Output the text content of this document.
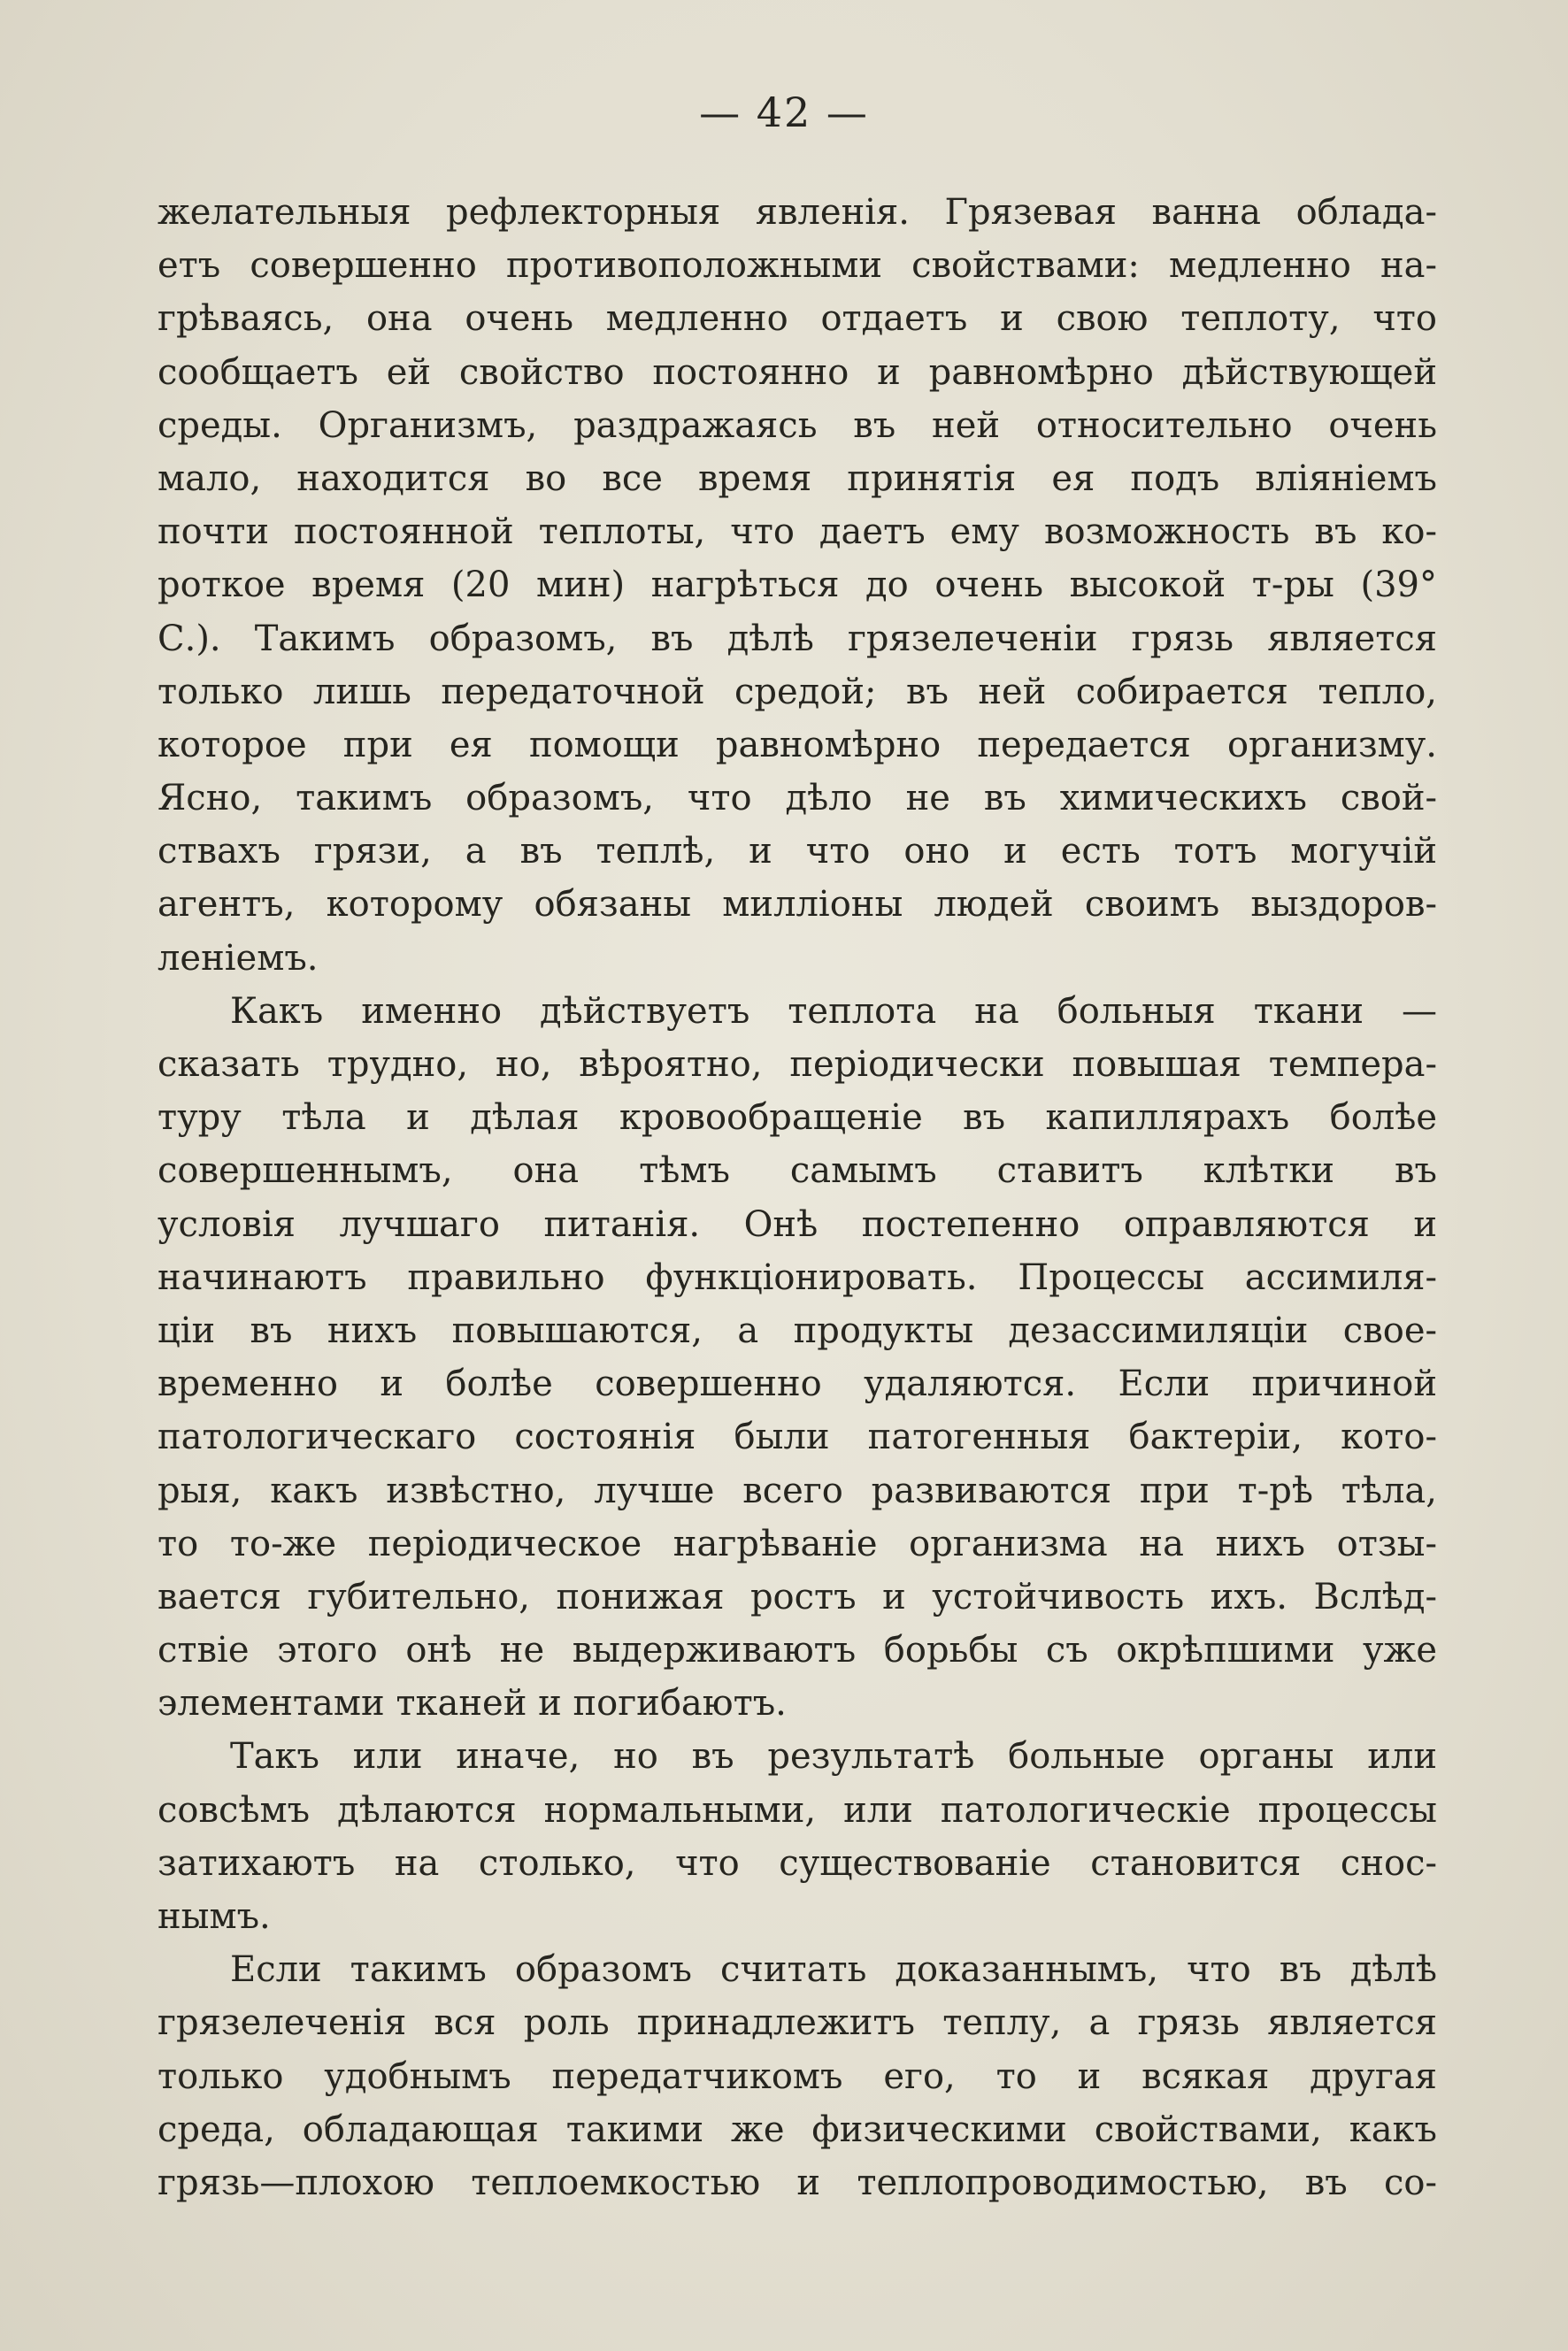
— 42 —
желательныя рефлекторныя явленія. Грязевая ванна облада-
етъ совершенно противоположными свойствами: медленно на-
грѣваясь, она очень медленно отдаетъ и свою теплоту, что
сообщаетъ ей свойство постоянно и равномѣрно дѣйствующей
среды. Организмъ, раздражаясь въ ней относительно очень
мало, находится во все время принятія ея подъ вліяніемъ
почти постоянной теплоты, что даетъ ему возможность въ ко-
роткое время (20 мин) нагрѣться до очень высокой т-ры (39°
С.). Такимъ образомъ, въ дѣлѣ грязелеченіи грязь является
только лишь передаточной средой; въ ней собирается тепло,
которое при ея помощи равномѣрно передается организму.
Ясно, такимъ образомъ, что дѣло не въ химическихъ свой-
ствахъ грязи, а въ теплѣ, и что оно и есть тотъ могучій
агентъ, которому обязаны милліоны людей своимъ выздоров-
леніемъ.
Какъ именно дѣйствуетъ теплота на больныя ткани —
сказать трудно, но, вѣроятно, періодически повышая темпера-
туру тѣла и дѣлая кровообращеніе въ капиллярахъ болѣе
совершеннымъ, она тѣмъ самымъ ставитъ клѣтки въ
условія лучшаго питанія. Онѣ постепенно оправляются и
начинаютъ правильно функціонировать. Процессы ассимиля-
ціи въ нихъ повышаются, а продукты дезассимиляціи свое-
временно и болѣе совершенно удаляются. Если причиной
патологическаго состоянія были патогенныя бактеріи, кото-
рыя, какъ извѣстно, лучше всего развиваются при т-рѣ тѣла,
то то-же періодическое нагрѣваніе организма на нихъ отзы-
вается губительно, понижая ростъ и устойчивость ихъ. Вслѣд-
ствіе этого онѣ не выдерживаютъ борьбы съ окрѣпшими уже
элементами тканей и погибаютъ.
Такъ или иначе, но въ результатѣ больные органы или
совсѣмъ дѣлаются нормальными, или патологическіе процессы
затихаютъ на столько, что существованіе становится снос-
нымъ.
Если такимъ образомъ считать доказаннымъ, что въ дѣлѣ
грязелеченія вся роль принадлежитъ теплу, а грязь является
только удобнымъ передатчикомъ его, то и всякая другая
среда, обладающая такими же физическими свойствами, какъ
грязь—плохою теплоемкостью и теплопроводимостью, въ со-
